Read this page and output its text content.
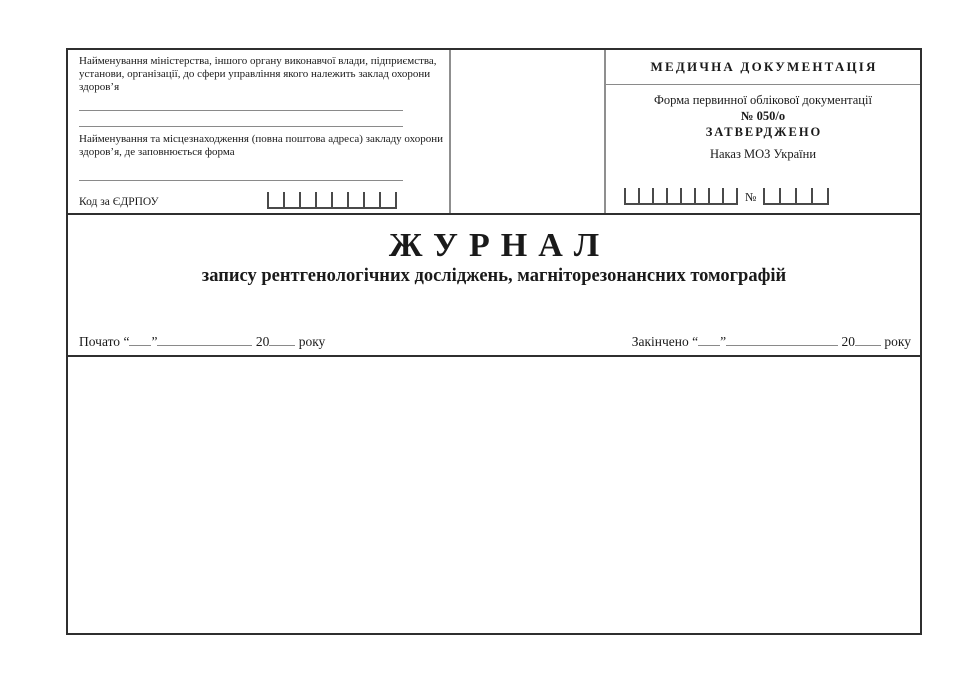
Найменування міністерства, іншого органу виконавчої влади, підприємства, установи, організації, до сфери управління якого належить заклад охорони здоров’я
Найменування та місцезнаходження (повна поштова адреса) закладу охорони здоров’я, де заповнюється форма
Код за ЄДРПОУ
МЕДИЧНА ДОКУМЕНТАЦІЯ
Форма первинної облікової документації
№ 050/о
ЗАТВЕРДЖЕНО
Наказ МОЗ України
№
ЖУРНАЛ
запису рентгенологічних досліджень, магніторезонансних томографій
Почато “ ”	20 року	Закінчено “ ”	20 року
